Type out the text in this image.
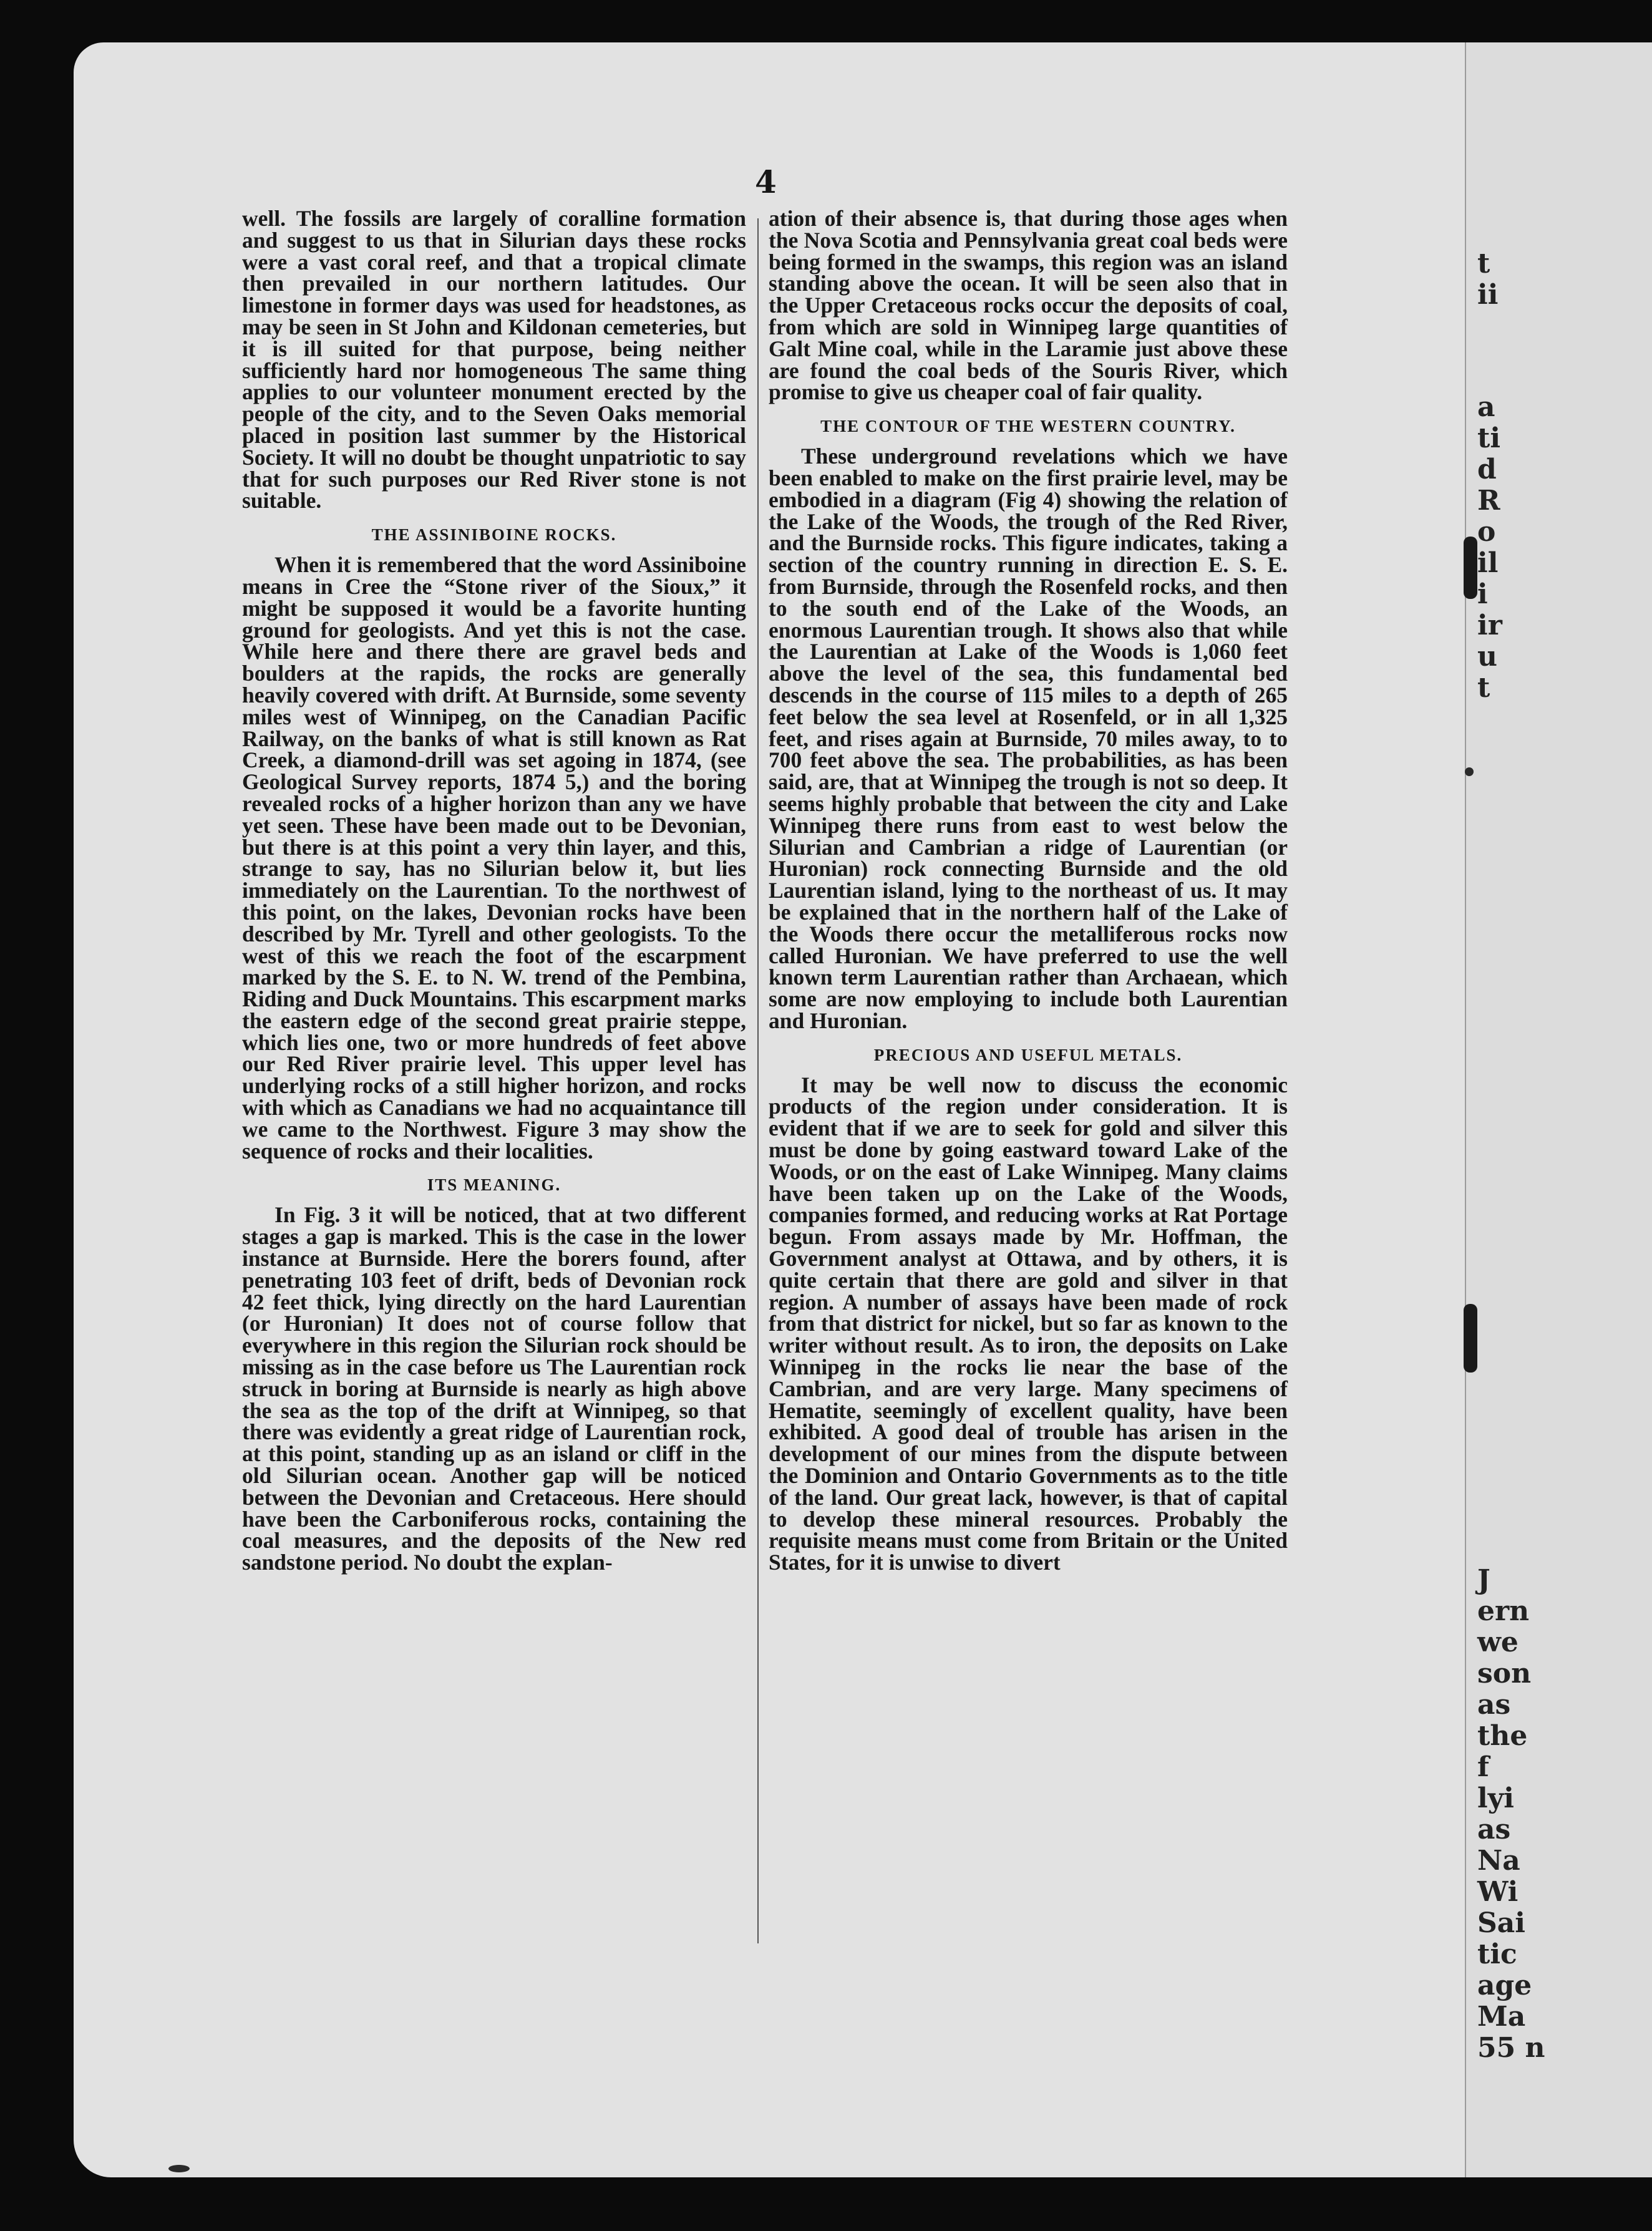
t
ii
a
ti
d
R
o
il
i
ir
u
t
J
ern
we
son
as
the
f
lyi
as
Na
Wi
Sai
tic
age
Ma
55 n
4

well. The fossils are largely of coralline formation and suggest to us that in Silurian days these rocks were a vast coral reef, and that a tropical climate then prevailed in our northern latitudes. Our limestone in former days was used for headstones, as may be seen in St John and Kildonan cemeteries, but it is ill suited for that purpose, being neither sufficiently hard nor homogeneous The same thing applies to our volunteer monument erected by the people of the city, and to the Seven Oaks memorial placed in position last summer by the Historical Society. It will no doubt be thought unpatriotic to say that for such purposes our Red River stone is not suitable.

THE ASSINIBOINE ROCKS.

When it is remembered that the word Assiniboine means in Cree the “Stone river of the Sioux,” it might be supposed it would be a favorite hunting ground for geologists. And yet this is not the case. While here and there there are gravel beds and boulders at the rapids, the rocks are generally heavily covered with drift. At Burnside, some seventy miles west of Winnipeg, on the Canadian Pacific Railway, on the banks of what is still known as Rat Creek, a diamond-drill was set agoing in 1874, (see Geological Survey reports, 1874 5,) and the boring revealed rocks of a higher horizon than any we have yet seen. These have been made out to be Devonian, but there is at this point a very thin layer, and this, strange to say, has no Silurian below it, but lies immediately on the Laurentian. To the northwest of this point, on the lakes, Devonian rocks have been described by Mr. Tyrell and other geologists. To the west of this we reach the foot of the escarpment marked by the S. E. to N. W. trend of the Pembina, Riding and Duck Mountains. This escarpment marks the eastern edge of the second great prairie steppe, which lies one, two or more hundreds of feet above our Red River prairie level. This upper level has underlying rocks of a still higher horizon, and rocks with which as Canadians we had no acquaintance till we came to the Northwest. Figure 3 may show the sequence of rocks and their localities.

ITS MEANING.

In Fig. 3 it will be noticed, that at two different stages a gap is marked. This is the case in the lower instance at Burnside. Here the borers found, after penetrating 103 feet of drift, beds of Devonian rock 42 feet thick, lying directly on the hard Laurentian (or Huronian) It does not of course follow that everywhere in this region the Silurian rock should be missing as in the case before us The Laurentian rock struck in boring at Burnside is nearly as high above the sea as the top of the drift at Winnipeg, so that there was evidently a great ridge of Laurentian rock, at this point, standing up as an island or cliff in the old Silurian ocean. Another gap will be noticed between the Devonian and Cretaceous. Here should have been the Carboniferous rocks, containing the coal measures, and the deposits of the New red sandstone period. No doubt the explan-

ation of their absence is, that during those ages when the Nova Scotia and Pennsylvania great coal beds were being formed in the swamps, this region was an island standing above the ocean. It will be seen also that in the Upper Cretaceous rocks occur the deposits of coal, from which are sold in Winnipeg large quantities of Galt Mine coal, while in the Laramie just above these are found the coal beds of the Souris River, which promise to give us cheaper coal of fair quality.

THE CONTOUR OF THE WESTERN COUNTRY.

These underground revelations which we have been enabled to make on the first prairie level, may be embodied in a diagram (Fig 4) showing the relation of the Lake of the Woods, the trough of the Red River, and the Burnside rocks. This figure indicates, taking a section of the country running in direction E. S. E. from Burnside, through the Rosenfeld rocks, and then to the south end of the Lake of the Woods, an enormous Laurentian trough. It shows also that while the Laurentian at Lake of the Woods is 1,060 feet above the level of the sea, this fundamental bed descends in the course of 115 miles to a depth of 265 feet below the sea level at Rosenfeld, or in all 1,325 feet, and rises again at Burnside, 70 miles away, to to 700 feet above the sea. The probabilities, as has been said, are, that at Winnipeg the trough is not so deep. It seems highly probable that between the city and Lake Winnipeg there runs from east to west below the Silurian and Cambrian a ridge of Laurentian (or Huronian) rock connecting Burnside and the old Laurentian island, lying to the northeast of us. It may be explained that in the northern half of the Lake of the Woods there occur the metalliferous rocks now called Huronian. We have preferred to use the well known term Laurentian rather than Archaean, which some are now employing to include both Laurentian and Huronian.

PRECIOUS AND USEFUL METALS.

It may be well now to discuss the economic products of the region under consideration. It is evident that if we are to seek for gold and silver this must be done by going eastward toward Lake of the Woods, or on the east of Lake Winnipeg. Many claims have been taken up on the Lake of the Woods, companies formed, and reducing works at Rat Portage begun. From assays made by Mr. Hoffman, the Government analyst at Ottawa, and by others, it is quite certain that there are gold and silver in that region. A number of assays have been made of rock from that district for nickel, but so far as known to the writer without result. As to iron, the deposits on Lake Winnipeg in the rocks lie near the base of the Cambrian, and are very large. Many specimens of Hematite, seemingly of excellent quality, have been exhibited. A good deal of trouble has arisen in the development of our mines from the dispute between the Dominion and Ontario Governments as to the title of the land. Our great lack, however, is that of capital to develop these mineral resources. Probably the requisite means must come from Britain or the United States, for it is unwise to divert
